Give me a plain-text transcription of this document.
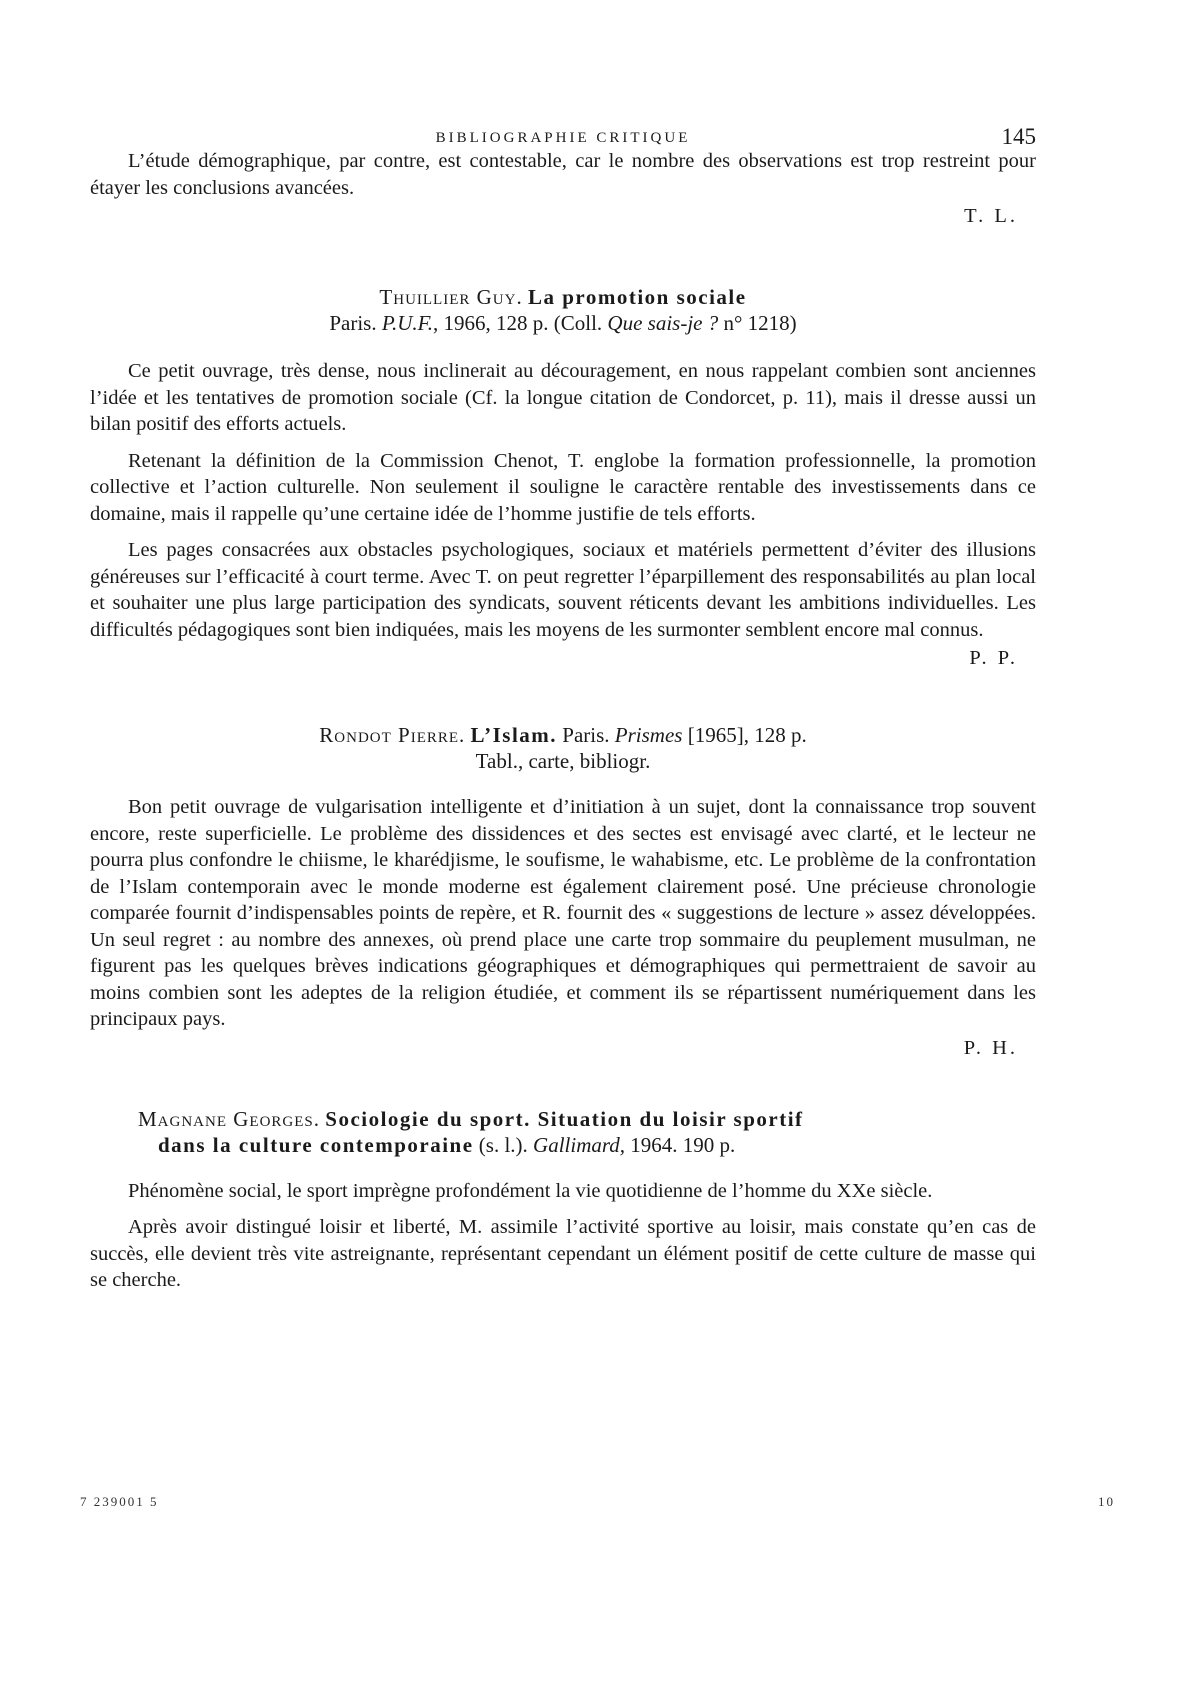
BIBLIOGRAPHIE CRITIQUE	145

L’étude démographique, par contre, est contestable, car le nombre des observations est trop restreint pour étayer les conclusions avancées.

T. L.
Thuillier Guy. La promotion sociale
Paris. P.U.F., 1966, 128 p. (Coll. Que sais-je ? n° 1218)

Ce petit ouvrage, très dense, nous inclinerait au découragement, en nous rappelant combien sont anciennes l’idée et les tentatives de promotion sociale (Cf. la longue citation de Condorcet, p. 11), mais il dresse aussi un bilan positif des efforts actuels.

Retenant la définition de la Commission Chenot, T. englobe la formation professionnelle, la promotion collective et l’action culturelle. Non seulement il souligne le caractère rentable des investissements dans ce domaine, mais il rappelle qu’une certaine idée de l’homme justifie de tels efforts.

Les pages consacrées aux obstacles psychologiques, sociaux et matériels permettent d’éviter des illusions généreuses sur l’efficacité à court terme. Avec T. on peut regretter l’éparpillement des responsabilités au plan local et souhaiter une plus large participation des syndicats, souvent réticents devant les ambitions individuelles. Les difficultés pédagogiques sont bien indiquées, mais les moyens de les surmonter semblent encore mal connus.

P. P.
Rondot Pierre. L’Islam. Paris. Prismes [1965], 128 p.
Tabl., carte, bibliogr.

Bon petit ouvrage de vulgarisation intelligente et d’initiation à un sujet, dont la connaissance trop souvent encore, reste superficielle. Le problème des dissidences et des sectes est envisagé avec clarté, et le lecteur ne pourra plus confondre le chiisme, le kharédjisme, le soufisme, le wahabisme, etc. Le problème de la confrontation de l’Islam contemporain avec le monde moderne est également clairement posé. Une précieuse chronologie comparée fournit d’indispensables points de repère, et R. fournit des « suggestions de lecture » assez développées. Un seul regret : au nombre des annexes, où prend place une carte trop sommaire du peuplement musulman, ne figurent pas les quelques brèves indications géographiques et démographiques qui permettraient de savoir au moins combien sont les adeptes de la religion étudiée, et comment ils se répartissent numériquement dans les principaux pays.

P. H.
Magnane Georges. Sociologie du sport. Situation du loisir sportif
dans la culture contemporaine (s. l.). Gallimard, 1964. 190 p.

Phénomène social, le sport imprègne profondément la vie quotidienne de l’homme du XXe siècle.

Après avoir distingué loisir et liberté, M. assimile l’activité sportive au loisir, mais constate qu’en cas de succès, elle devient très vite astreignante, représentant cependant un élément positif de cette culture de masse qui se cherche.

7 239001 5	10
